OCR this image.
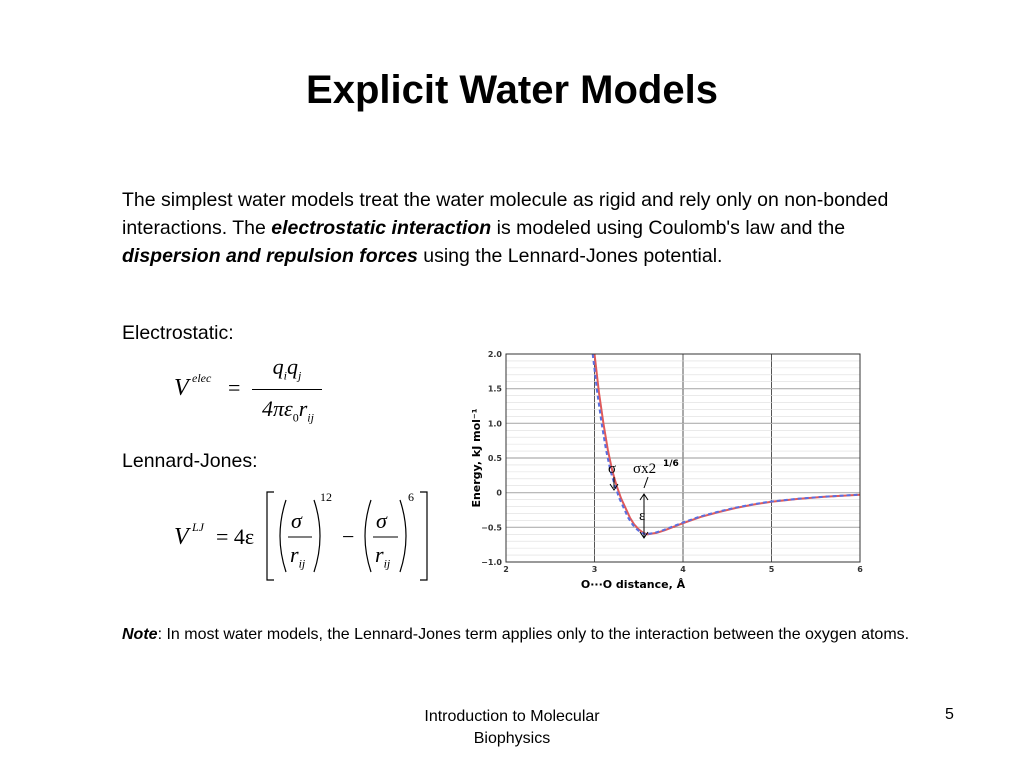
Explicit Water Models
The simplest water models treat the water molecule as rigid and rely only on non-bonded interactions. The electrostatic interaction is modeled using Coulomb's law and the dispersion and repulsion forces using the Lennard-Jones potential.
Electrostatic:
V elec =
$q_iq_j$
$4\pi\varepsilon_0r_{ij}$
Lennard-Jones:
V LJ = 4ε
σ
$r_{ij}$
12
−
σ
$r_{ij}$
6
2	3	4	5	6
2.0
1.5
1.0
0.5
0
−0.5
−1.0
Energy, kJ mol⁻¹
O···O distance, Å
σ σx2 1/6
ε
Note: In most water models, the Lennard-Jones term applies only to the interaction between the oxygen atoms.
Introduction to Molecular
Biophysics
5
